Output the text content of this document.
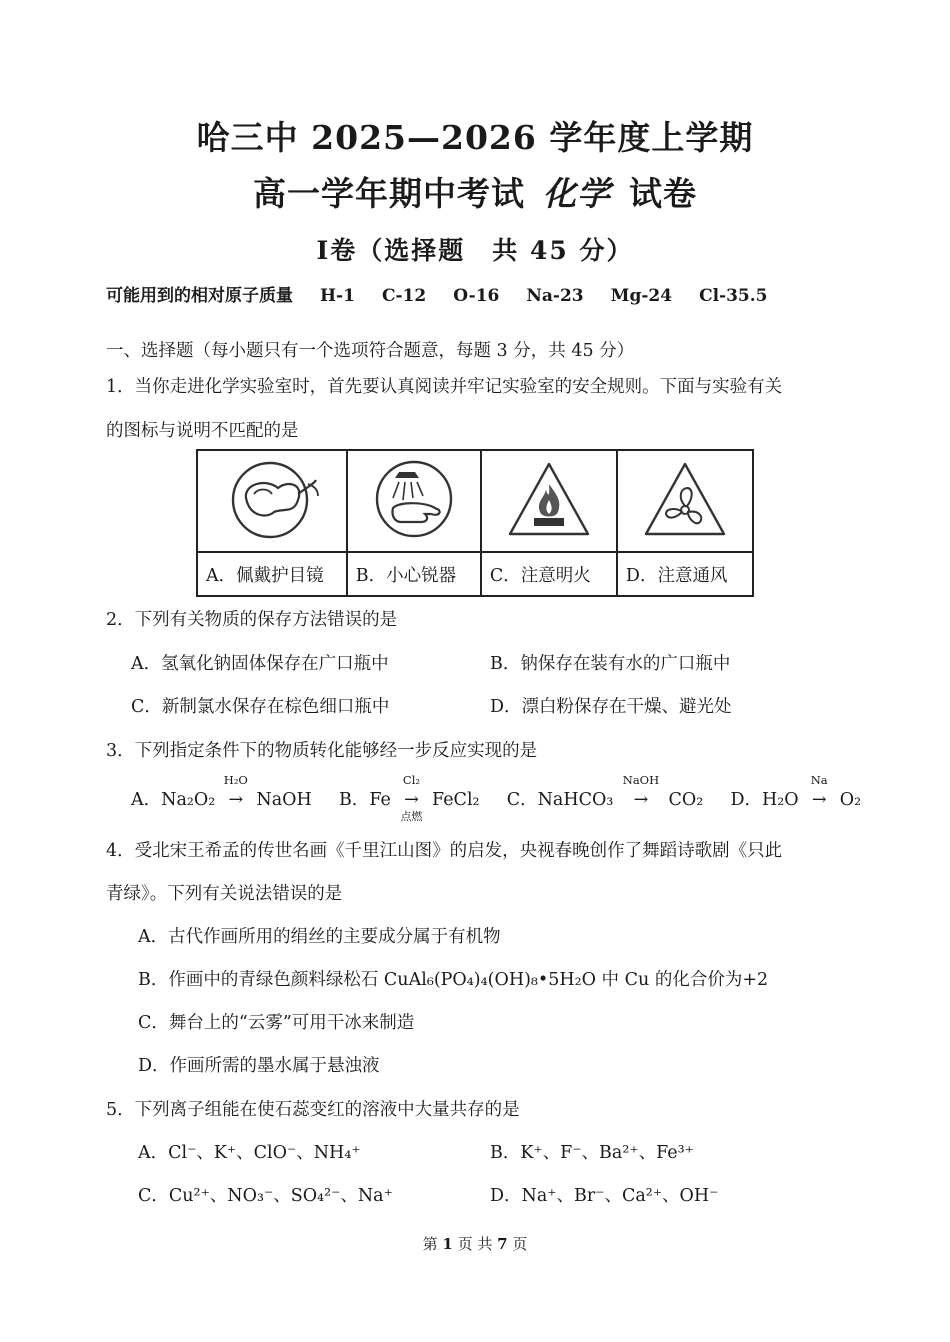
哈三中 2025—2026 学年度上学期
高一学年期中考试 化学 试卷
Ⅰ卷（选择题　共 45 分）
可能用到的相对原子质量 H-1 C-12 O-16 Na-23 Mg-24 Cl-35.5
一、选择题（每小题只有一个选项符合题意，每题 3 分，共 45 分）
1．当你走进化学实验室时，首先要认真阅读并牢记实验室的安全规则。下面与实验有关
的图标与说明不匹配的是

A．佩戴护目镜	B．小心锐器	C．注意明火	D．注意通风
2．下列有关物质的保存方法错误的是
A．氢氧化钠固体保存在广口瓶中	B．钠保存在装有水的广口瓶中
C．新制氯水保存在棕色细口瓶中	D．漂白粉保存在干燥、避光处
3．下列指定条件下的物质转化能够经一步反应实现的是
A．Na₂O₂
H₂O
→ NaOH B．Fe
Cl₂
→
点燃
FeCl₂ C．NaHCO₃
NaOH
→ CO₂ D．H₂O
Na
→ O₂
4．受北宋王希孟的传世名画《千里江山图》的启发，央视春晚创作了舞蹈诗歌剧《只此
青绿》。下列有关说法错误的是
A．古代作画所用的绢丝的主要成分属于有机物
B．作画中的青绿色颜料绿松石 CuAl₆(PO₄)₄(OH)₈•5H₂O 中 Cu 的化合价为+2
C．舞台上的“云雾”可用干冰来制造
D．作画所需的墨水属于悬浊液
5．下列离子组能在使石蕊变红的溶液中大量共存的是
A．Cl⁻、K⁺、ClO⁻、NH₄⁺	B．K⁺、F⁻、Ba²⁺、Fe³⁺
C．Cu²⁺、NO₃⁻、SO₄²⁻、Na⁺	D．Na⁺、Br⁻、Ca²⁺、OH⁻
第 1 页 共 7 页
